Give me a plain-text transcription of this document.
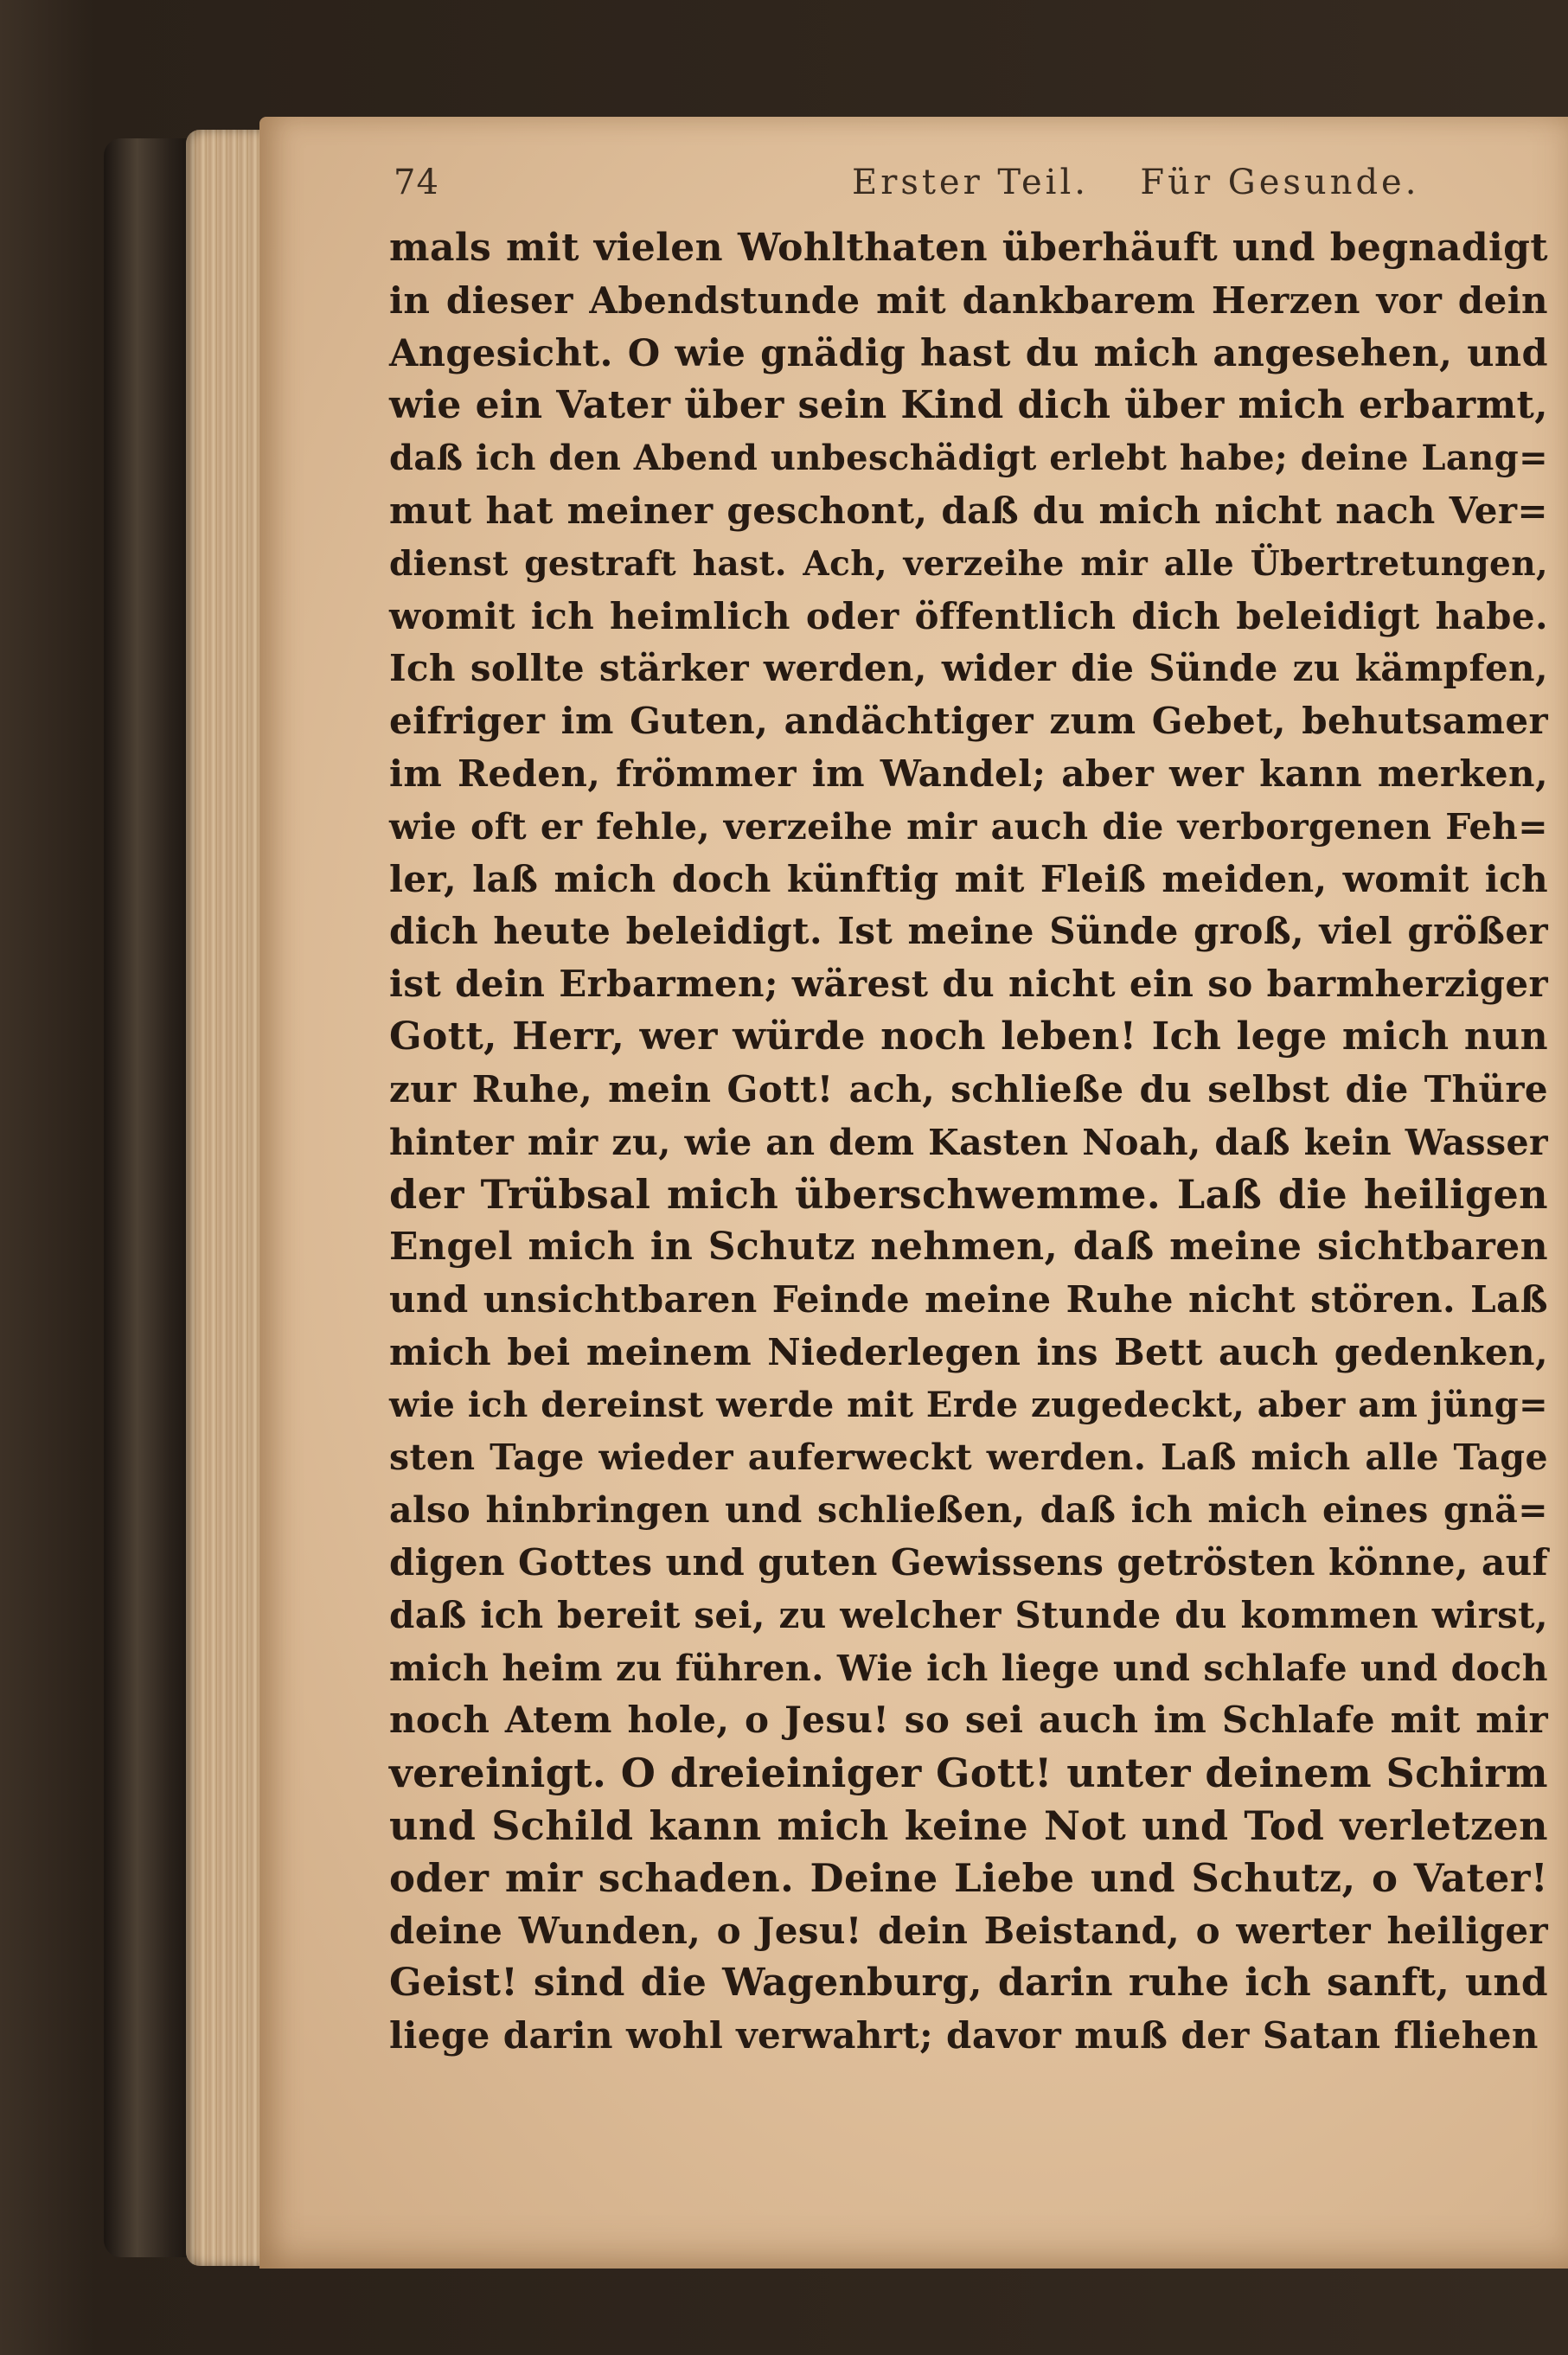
74	Erster Teil. Für Gesunde.
mals mit vielen Wohlthaten überhäuft und begnadigt
in dieser Abendstunde mit dankbarem Herzen vor dein
Angesicht. O wie gnädig hast du mich angesehen, und
wie ein Vater über sein Kind dich über mich erbarmt,
daß ich den Abend unbeschädigt erlebt habe; deine Lang=
mut hat meiner geschont, daß du mich nicht nach Ver=
dienst gestraft hast. Ach, verzeihe mir alle Übertretungen,
womit ich heimlich oder öffentlich dich beleidigt habe.
Ich sollte stärker werden, wider die Sünde zu kämpfen,
eifriger im Guten, andächtiger zum Gebet, behutsamer
im Reden, frömmer im Wandel; aber wer kann merken,
wie oft er fehle, verzeihe mir auch die verborgenen Feh=
ler, laß mich doch künftig mit Fleiß meiden, womit ich
dich heute beleidigt. Ist meine Sünde groß, viel größer
ist dein Erbarmen; wärest du nicht ein so barmherziger
Gott, Herr, wer würde noch leben! Ich lege mich nun
zur Ruhe, mein Gott! ach, schließe du selbst die Thüre
hinter mir zu, wie an dem Kasten Noah, daß kein Wasser
der Trübsal mich überschwemme. Laß die heiligen
Engel mich in Schutz nehmen, daß meine sichtbaren
und unsichtbaren Feinde meine Ruhe nicht stören. Laß
mich bei meinem Niederlegen ins Bett auch gedenken,
wie ich dereinst werde mit Erde zugedeckt, aber am jüng=
sten Tage wieder auferweckt werden. Laß mich alle Tage
also hinbringen und schließen, daß ich mich eines gnä=
digen Gottes und guten Gewissens getrösten könne, auf
daß ich bereit sei, zu welcher Stunde du kommen wirst,
mich heim zu führen. Wie ich liege und schlafe und doch
noch Atem hole, o Jesu! so sei auch im Schlafe mit mir
vereinigt. O dreieiniger Gott! unter deinem Schirm
und Schild kann mich keine Not und Tod verletzen
oder mir schaden. Deine Liebe und Schutz, o Vater!
deine Wunden, o Jesu! dein Beistand, o werter heiliger
Geist! sind die Wagenburg, darin ruhe ich sanft, und
liege darin wohl verwahrt; davor muß der Satan fliehen
